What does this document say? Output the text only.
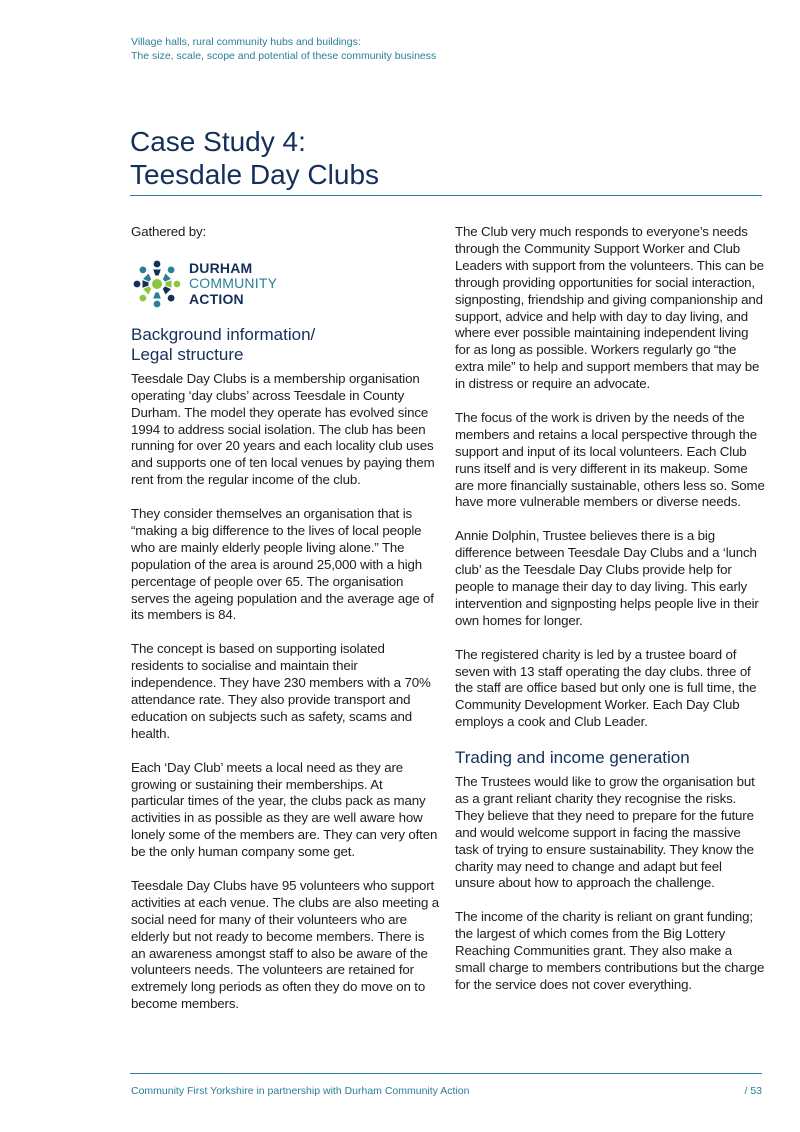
Village halls, rural community hubs and buildings:
The size, scale, scope and potential of these community business
Case Study 4:
Teesdale Day Clubs

Gathered by:

DURHAM
COMMUNITY
ACTION
Background information/
Legal structure

Teesdale Day Clubs is a membership organisation operating ‘day clubs’ across Teesdale in County Durham. The model they operate has evolved since 1994 to address social isolation. The club has been running for over 20 years and each locality club uses and supports one of ten local venues by paying them rent from the regular income of the club.

They consider themselves an organisation that is “making a big difference to the lives of local people who are mainly elderly people living alone.” The population of the area is around 25,000 with a high percentage of people over 65. The organisation serves the ageing population and the average age of its members is 84.

The concept is based on supporting isolated residents to socialise and maintain their independence. They have 230 members with a 70% attendance rate. They also provide transport and education on subjects such as safety, scams and health.

Each ‘Day Club’ meets a local need as they are growing or sustaining their memberships. At particular times of the year, the clubs pack as many activities in as possible as they are well aware how lonely some of the members are. They can very often be the only human company some get.

Teesdale Day Clubs have 95 volunteers who support activities at each venue. The clubs are also meeting a social need for many of their volunteers who are elderly but not ready to become members. There is an awareness amongst staff to also be aware of the volunteers needs. The volunteers are retained for extremely long periods as often they do move on to become members.

The Club very much responds to everyone’s needs through the Community Support Worker and Club Leaders with support from the volunteers. This can be through providing opportunities for social interaction, signposting, friendship and giving companionship and support, advice and help with day to day living, and where ever possible maintaining independent living for as long as possible. Workers regularly go “the extra mile” to help and support members that may be in distress or require an advocate.

The focus of the work is driven by the needs of the members and retains a local perspective through the support and input of its local volunteers. Each Club runs itself and is very different in its makeup. Some are more financially sustainable, others less so. Some have more vulnerable members or diverse needs.

Annie Dolphin, Trustee believes there is a big difference between Teesdale Day Clubs and a ‘lunch club’ as the Teesdale Day Clubs provide help for people to manage their day to day living. This early intervention and signposting helps people live in their own homes for longer.

The registered charity is led by a trustee board of seven with 13 staff operating the day clubs. three of the staff are office based but only one is full time, the Community Development Worker. Each Day Club employs a cook and Club Leader.

Trading and income generation

The Trustees would like to grow the organisation but as a grant reliant charity they recognise the risks. They believe that they need to prepare for the future and would welcome support in facing the massive task of trying to ensure sustainability. They know the charity may need to change and adapt but feel unsure about how to approach the challenge.

The income of the charity is reliant on grant funding; the largest of which comes from the Big Lottery Reaching Communities grant. They also make a small charge to members contributions but the charge for the service does not cover everything.

Community First Yorkshire in partnership with Durham Community Action	/ 53
